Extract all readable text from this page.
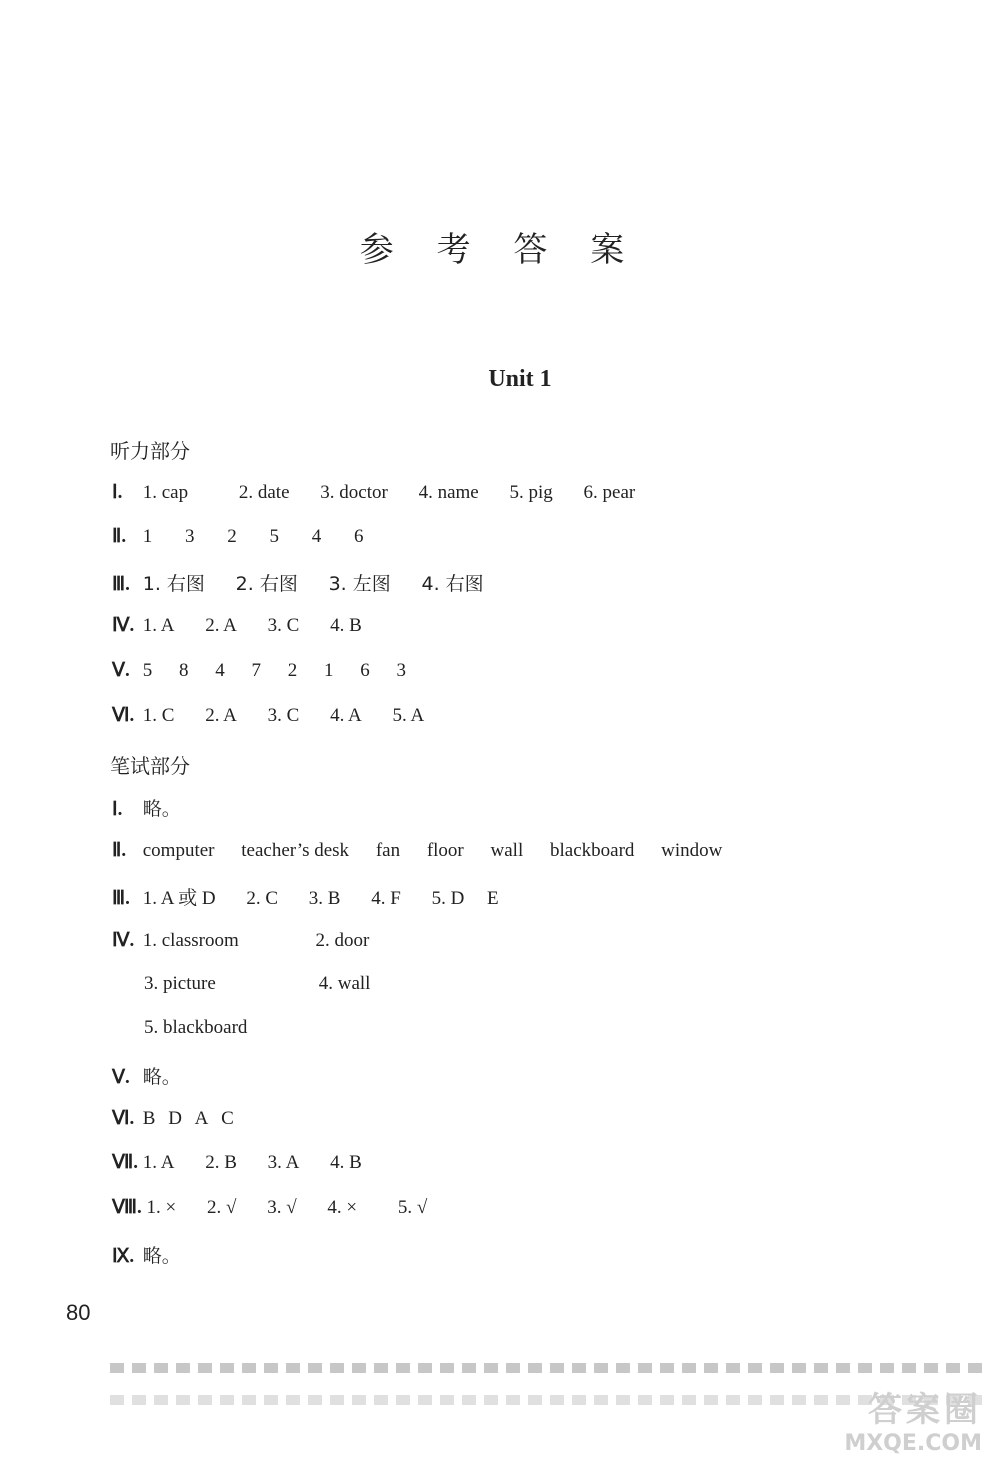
参 考 答 案
Unit 1
听力部分
Ⅰ. 1. cap	2. date 3. doctor 4. name 5. pig 6. pear
Ⅱ. 1 3 2 5 4 6
Ⅲ. 1. 右图 2. 右图 3. 左图 4. 右图
Ⅳ. 1. A 2. A 3. C 4. B
Ⅴ. 5 8 4 7 2 1 6 3
Ⅵ. 1. C 2. A 3. C 4. A 5. A
笔试部分
Ⅰ. 略。
Ⅱ. computer teacher’s desk fan floor wall blackboard window
Ⅲ. 1. A 或 D 2. C 3. B 4. F 5. D E
Ⅳ. 1. classroom	2. door
3. picture	4. wall
5. blackboard
Ⅴ. 略。
Ⅵ. B D A C
Ⅶ. 1. A 2. B 3. A 4. B
Ⅷ. 1. × 2. √ 3. √ 4. × 5. √
Ⅸ. 略。
80
答案圈
MXQE.COM
